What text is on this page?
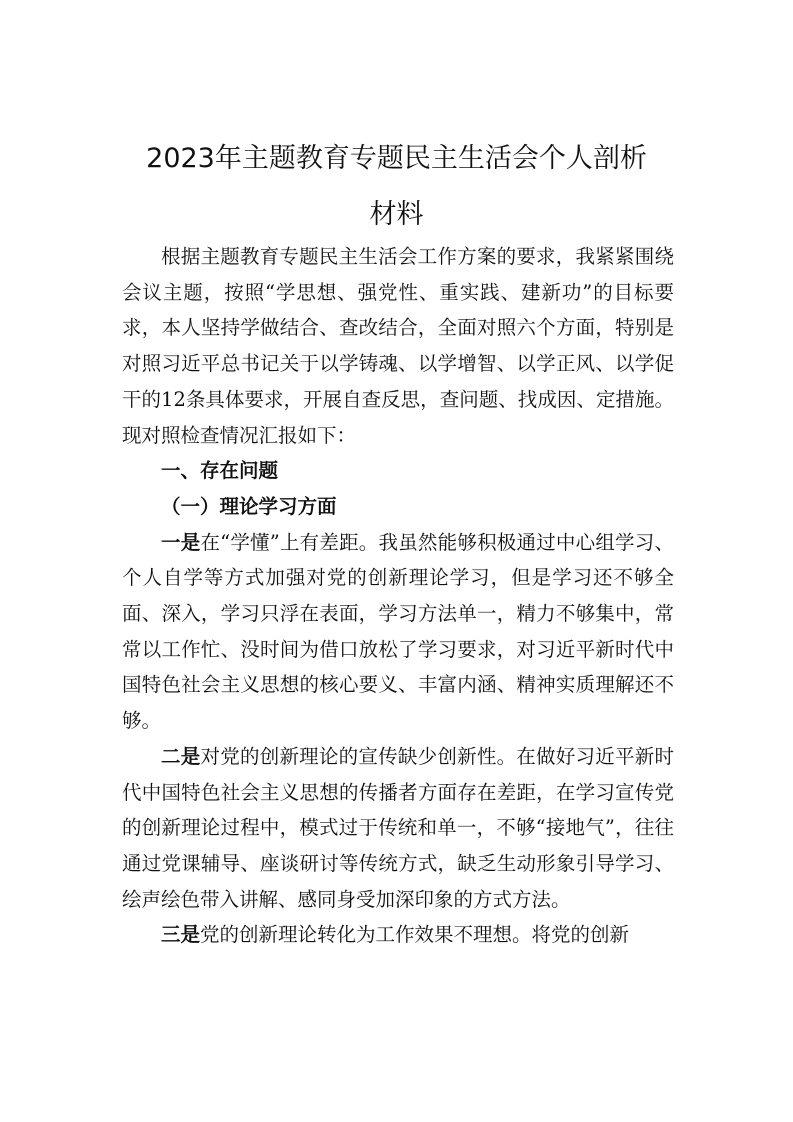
2023年主题教育专题民主生活会个人剖析
材料

根据主题教育专题民主生活会工作方案的要求，我紧紧围绕会议主题，按照“学思想、强党性、重实践、建新功”的目标要求，本人坚持学做结合、查改结合，全面对照六个方面，特别是对照习近平总书记关于以学铸魂、以学增智、以学正风、以学促干的12条具体要求，开展自查反思，查问题、找成因、定措施。现对照检查情况汇报如下：

一、存在问题

（一）理论学习方面

一是在“学懂”上有差距。我虽然能够积极通过中心组学习、个人自学等方式加强对党的创新理论学习，但是学习还不够全面、深入，学习只浮在表面，学习方法单一，精力不够集中，常常以工作忙、没时间为借口放松了学习要求，对习近平新时代中国特色社会主义思想的核心要义、丰富内涵、精神实质理解还不够。

二是对党的创新理论的宣传缺少创新性。在做好习近平新时代中国特色社会主义思想的传播者方面存在差距，在学习宣传党的创新理论过程中，模式过于传统和单一，不够“接地气”，往往通过党课辅导、座谈研讨等传统方式，缺乏生动形象引导学习、绘声绘色带入讲解、感同身受加深印象的方式方法。

三是党的创新理论转化为工作效果不理想。将党的创新
